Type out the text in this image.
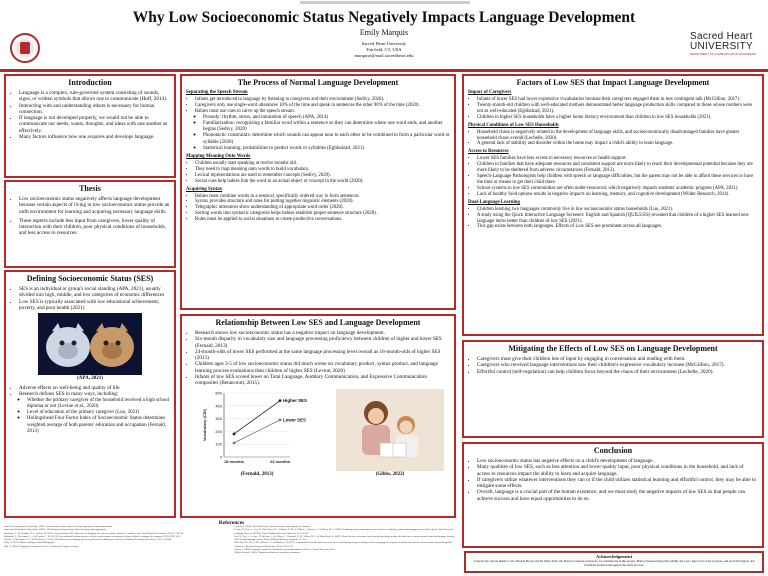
Why Low Socioeconomic Status Negatively Impacts Language Development
Emily Marquis
Sacred Heart University
Fairfield, CT, USA
marquise@mail.sacredheart.edu
Sacred Heart
UNIVERSITY
DEPARTMENT OF COMMUNICATION DISORDERS
Introduction
• Language is a complex, rule-governed system consisting of sounds, signs, or written symbols that allows one to communicate (Hoff, 2014).
• Interacting with and understanding others is necessary for human connection.
• If language is not developed properly, we would not be able to communicate our needs, wants, thoughts, and ideas with one another as effectively.
• Many factors influence how one acquires and develops language.
Thesis
• Low socioeconomic status negatively affects language development because certain aspects of living in low socioeconomic status provide an unfit environment for learning and acquiring necessary language skills.
• These aspects include less input from caregivers, lower quality of interaction with their children, poor physical conditions of households, and less access to resources.
Defining Socioeconomic Status (SES)
• SES is an individual or group's social standing (APA, 2021), usually divided into high, middle, and low categories of economic differences
• Low SES is typically associated with low educational achievement, poverty, and poor health (2021)
(APA, 2021)
• Adverse effects on well-being and quality of life
• Research defines SES in many ways, including:
◦ Whether the primary caregiver of the household received a high school diploma or not (Levine et al., 2020)
◦ Level of education of the primary caregiver (Luo, 2021)
◦ Hollingshead Four Factor Index of Socioeconomic Status determines weighted average of both parents' education and occupation (Fernald, 2013)
The Process of Normal Language Development
Separating the Speech Stream
• Infants get introduced to language by listening to caregivers and their environment (Sedivy, 2020).
• Caregivers only use single-word utterances 10% of the time and speak in sentences the other 90% of the time (2020).
• Babies must use cues to carve up the speech stream.
◦ Prosody: rhythm, stress, and intonation of speech (APA, 2014)
◦ Familiarization: recognizing a familiar word within a sentence so they can determine where one word ends, and another begins (Sedivy, 2020)
◦ Phonotactic constraints: determine which sounds can appear near to each other or be combined to form a particular word or syllable (2020)
◦ Statistical learning: probabilities to predict words or syllables (Eghbalzad, 2021)
Mapping Meaning Onto Words
• Children usually start speaking at twelve months old.
• They need to map meaning onto words to build vocabulary.
• Lexical representations are used to remember concepts (Sedivy, 2020).
• Social cues help babies link the word to an actual object or concept in the world (2020).
Acquiring Syntax
• Babies must combine words in a sensical, specifically ordered way to form sentences.
• Syntax provides structure and rules for putting together linguistic elements (2020).
• Telegraphic utterances show understanding of appropriate word order (2020).
• Sorting words into syntactic categories helps babies establish proper sentence structure (2020).
• Rules must be applied to social situations to create productive conversations.
Relationship Between Low SES and Language Development
• Research shows low socioeconomic status has a negative impact on language development.
• Six-month disparity in vocabulary size and language processing proficiency between children of higher and lower SES (Fernald, 2013)
• 24-month-olds of lower SES performed at the same language processing level overall as 18-month-olds of higher SES (2013)
• Children ages 3-5 of low socioeconomic status did much worse on vocabulary product, syntax product, and language learning process evaluations than children of higher SES (Levine, 2020)
• Infants of low SES scored lower on Total Language, Auditory Communication, and Expressive Communication composites (Betancourt, 2015).
0
100
200
300
400
500
18 months	24 months
Vocabulary (CDI)
Higher SES
Lower SES
(Fernald, 2013)	(Gibbs, 2022)
Factors of Low SES that Impact Language Development
Impact of Caregivers
• Infants of lower SES had lower expressive vocabularies because their caregivers engaged them in less contingent talk (McGillion, 2017).
• Twenty-month-old children with well-educated mothers demonstrated better language production skills compared to those whose mothers were not as well-educated (Eghbalzad, 2021).
• Children in higher SES households have a higher home literacy environment than children in low SES households (2021).
Physical Conditions of Low SES Households
• Household chaos is negatively related to the development of language skills, and socioeconomically disadvantaged families have greater household chaos overall (Lechelle, 2020).
• A general lack of stability and disorder within the home may impact a child's ability to learn language.
Access to Resources
• Lower SES families have less access to necessary resources or health support.
• Children in families that have adequate resources and consistent support are more likely to reach their developmental potential because they are more likely to be sheltered from adverse circumstances (Fernald, 2013).
• Speech-Language Pathologists help children with speech or language difficulties, but the parent may not be able to afford these services or have the time or means to get their child there.
• School systems in low SES communities are often under-resourced, which negatively impacts students' academic progress (APA, 2021).
• Lack of healthy food options results in negative impacts on learning, memory, and cognitive development (Wilder Research, 2014).
Dual-Language Learning
• Children learning two languages commonly live in low socioeconomic status households (Luo, 2021).
• A study using the Quick Interactive Language Screener: English and Spanish (QUILS:ES) revealed that children of a higher SES learned new language items better than children of low SES (2021).
• This gap exists between both languages. Effects of Low SES are prominent across all languages.
Mitigating the Effects of Low SES on Language Development
• Caregivers must give their children lots of input by engaging in conversation and reading with them.
• Caregivers who received language interventions saw their children's expressive vocabulary increase (McGillion, 2017).
• Effortful control (self-regulation) can help children focus beyond the chaos of their environment (Lechelle, 2020).
Conclusion
• Low socioeconomic status has negative effects on a child's development of language.
• Many qualities of low SES, such as less attention and lower quality input, poor physical conditions in the household, and lack of access to resources impact the ability to learn and acquire language.
• If caregivers utilize whatever interventions they can or if the child utilizes statistical learning and effortful control, they may be able to mitigate some effects.
• Overall, language is a crucial part of the human existence, and we must study the negative impacts of low SES so that people can achieve success and have equal opportunities to do so.
References

American Psychological Association. (2021). Socioeconomic status. https://www.apa.org/topics/socioeconomic-status

American Psychological Association. (2014). APA dictionary of psychology. https://dictionary.apa.org/prosody

Betancourt, L. M., Brodsky, N. L., & Hurt, H. (2015). Socioeconomic (SES) differences in language are evident in female infants at 7 months of age. Early Human Development, 91(12), 719-724.

Eghbalzad, L., Deocampo, J. A., & Conway, C. M. (2021). How statistical learning interacts with the socioeconomic environment to shape children's language development. PLOS ONE, 16(1).

Fernald, A., Marchman, V. A., & Weisleder, A. (2013). SES differences in language processing skill and vocabulary are evident at 18 months. Developmental Science, 16(2), 234-248.

Gibbs, J. (2022). Mother reading to child [Photograph].

Hoff, E. (2014). Language development (5th ed.). Wadsworth Cengage Learning.

Lechelle, P. (2020). Household chaos, effortful control, and language development.

Levine, D., Pace, A., Luo, R., Hirsh-Pasek, K., Golinkoff, R. M., de Villiers, J., Iglesias, A., & Wilson, M. S. (2020). Evaluating socioeconomic gaps in preschoolers' vocabulary, syntax and language process skills with the Quick Interactive Language Screener (QUILS). Early Childhood Research Quarterly, 50, 114-128.

Luo, R., Pace, A., Levine, D., Iglesias, A., de Villiers, J., Golinkoff, R. M., Wilson, M. S., & Hirsh-Pasek, K. (2021). Home literacy environment and existing knowledge mediate the link between socioeconomic status and language learning skills in dual language learners. Early Childhood Research Quarterly, 55, 1-14.

McGillion, M., Pine, J. M., Herbert, J. S., & Matthews, D. (2017). A randomised controlled trial to test the effect of promoting caregiver contingent talk on language development in infants from diverse socioeconomic status backgrounds. Journal of Child Psychology and Psychiatry, 58(10), 1122-1131.

Sedivy, J. (2020). Language in mind: An introduction to psycholinguistics (2nd ed.). Oxford University Press.

Wilder Research. (2014). Nutrition and students' academic performance.

Acknowledgement

I express my sincere thanks to Dr. Amanda Moore and Dr. Mark Jareb, my Honors Capstone professors, for assisting me in this project. Both professors helped me solidify my topic, kept track of my progress, and provided support and beneficial feedback throughout the entire process.
